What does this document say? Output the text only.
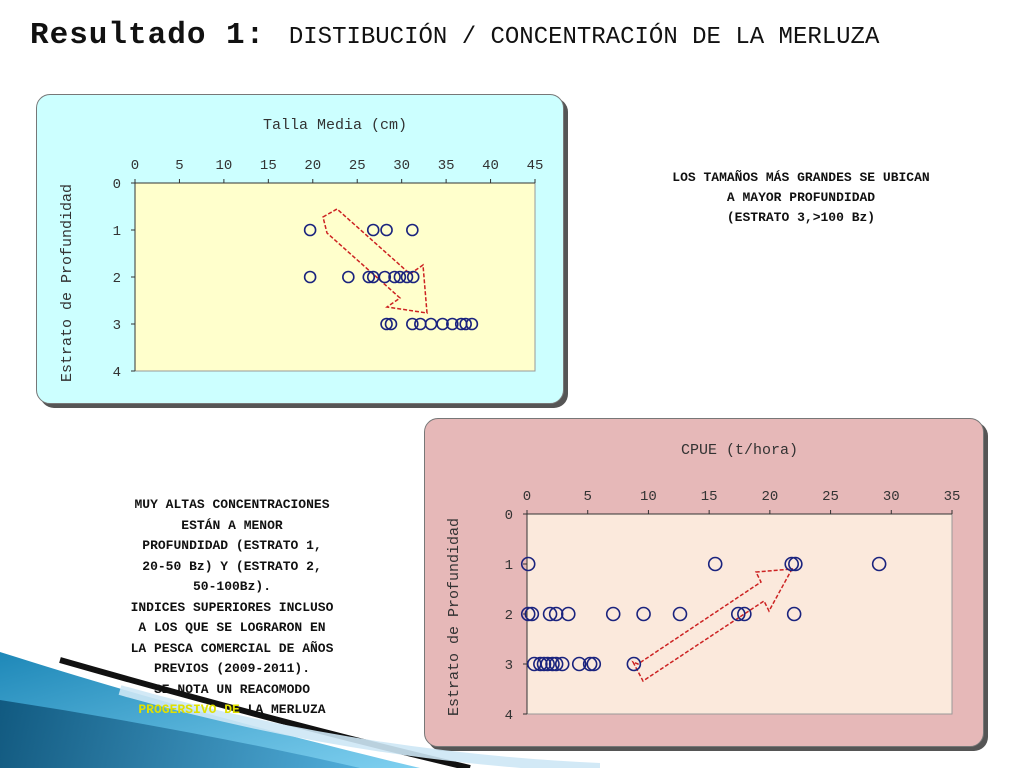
Resultado 1: DISTIBUCIÓN / CONCENTRACIÓN DE LA MERLUZA
0	5 10 15 20 25 30 35 40 45
0
1
2
3
4
Talla Media (cm)
Estrato de Profundidad
0	5	10	15	20	25	30	35
0
1
2
3
4
CPUE (t/hora)
Estrato de Profundidad

LOS TAMAÑOS MÁS GRANDES SE UBICAN

A MAYOR PROFUNDIDAD

(ESTRATO 3,>100 Bz)

MUY ALTAS CONCENTRACIONES

ESTÁN A MENOR

PROFUNDIDAD (ESTRATO 1,

20-50 Bz) Y (ESTRATO 2,

50-100Bz).

INDICES SUPERIORES INCLUSO

A LOS QUE SE LOGRARON EN

LA PESCA COMERCIAL DE AÑOS

PREVIOS (2009-2011).

SE NOTA UN REACOMODO

PROGERSIVO DE LA MERLUZA
